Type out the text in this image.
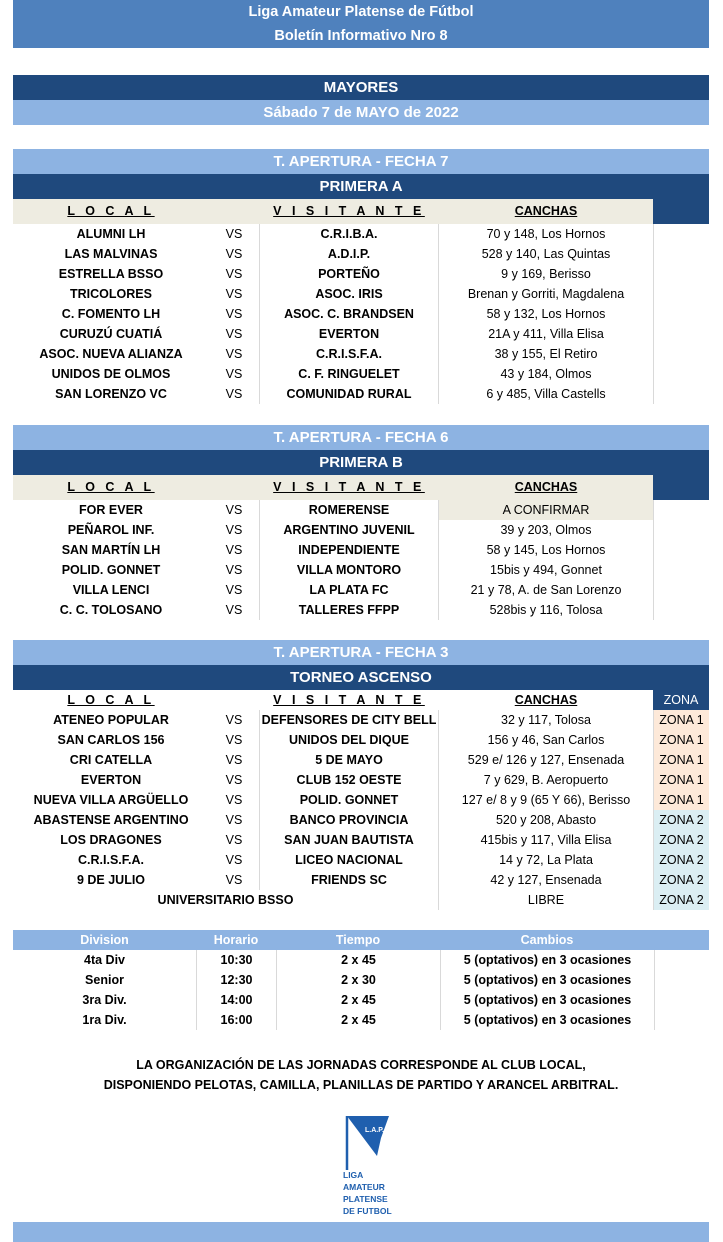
Liga Amateur Platense de Fútbol
Boletín Informativo Nro 8
MAYORES
Sábado 7 de MAYO de 2022
T. APERTURA - FECHA 7
PRIMERA A
L O C A L	V I S I T A N T E	CANCHAS
ALUMNI LH	VS	C.R.I.B.A.	70 y 148, Los Hornos
LAS MALVINAS	VS	A.D.I.P.	528 y 140, Las Quintas
ESTRELLA BSSO	VS	PORTEÑO	9 y 169, Berisso
TRICOLORES	VS	ASOC. IRIS	Brenan y Gorriti, Magdalena
C. FOMENTO LH	VS	ASOC. C. BRANDSEN	58 y 132, Los Hornos
CURUZÚ CUATIÁ	VS	EVERTON	21A y 411, Villa Elisa
ASOC. NUEVA ALIANZA	VS	C.R.I.S.F.A.	38 y 155, El Retiro
UNIDOS DE OLMOS	VS	C. F. RINGUELET	43 y 184, Olmos
SAN LORENZO VC	VS	COMUNIDAD RURAL	6 y 485, Villa Castells
T. APERTURA - FECHA 6
PRIMERA B
L O C A L	V I S I T A N T E	CANCHAS
FOR EVER	VS	ROMERENSE	A CONFIRMAR
PEÑAROL INF.	VS	ARGENTINO JUVENIL	39 y 203, Olmos
SAN MARTÍN LH	VS	INDEPENDIENTE	58 y 145, Los Hornos
POLID. GONNET	VS	VILLA MONTORO	15bis y 494, Gonnet
VILLA LENCI	VS	LA PLATA FC	21 y 78, A. de San Lorenzo
C. C. TOLOSANO	VS	TALLERES FFPP	528bis y 116, Tolosa
T. APERTURA - FECHA 3
TORNEO ASCENSO
L O C A L	V I S I T A N T E	CANCHAS	ZONA
ATENEO POPULAR	VS	DEFENSORES DE CITY BELL	32 y 117, Tolosa	ZONA 1
SAN CARLOS 156	VS	UNIDOS DEL DIQUE	156 y 46, San Carlos	ZONA 1
CRI CATELLA	VS	5 DE MAYO	529 e/ 126 y 127, Ensenada	ZONA 1
EVERTON	VS	CLUB 152 OESTE	7 y 629, B. Aeropuerto	ZONA 1
NUEVA VILLA ARGÜELLO	VS	POLID. GONNET	127 e/ 8 y 9 (65 Y 66), Berisso	ZONA 1
ABASTENSE ARGENTINO	VS	BANCO PROVINCIA	520 y 208, Abasto	ZONA 2
LOS DRAGONES	VS	SAN JUAN BAUTISTA	415bis y 117, Villa Elisa	ZONA 2
C.R.I.S.F.A.	VS	LICEO NACIONAL	14 y 72, La Plata	ZONA 2
9 DE JULIO	VS	FRIENDS SC	42 y 127, Ensenada	ZONA 2
UNIVERSITARIO BSSO	LIBRE	ZONA 2
Division	Horario	Tiempo	Cambios
4ta Div	10:30	2 x 45	5 (optativos) en 3 ocasiones
Senior	12:30	2 x 30	5 (optativos) en 3 ocasiones
3ra Div.	14:00	2 x 45	5 (optativos) en 3 ocasiones
1ra Div.	16:00	2 x 45	5 (optativos) en 3 ocasiones
LA ORGANIZACIÓN DE LAS JORNADAS CORRESPONDE AL CLUB LOCAL,
DISPONIENDO PELOTAS, CAMILLA, PLANILLAS DE PARTIDO Y ARANCEL ARBITRAL.
L.A.P.
LIGA
AMATEUR
PLATENSE
DE FUTBOL
